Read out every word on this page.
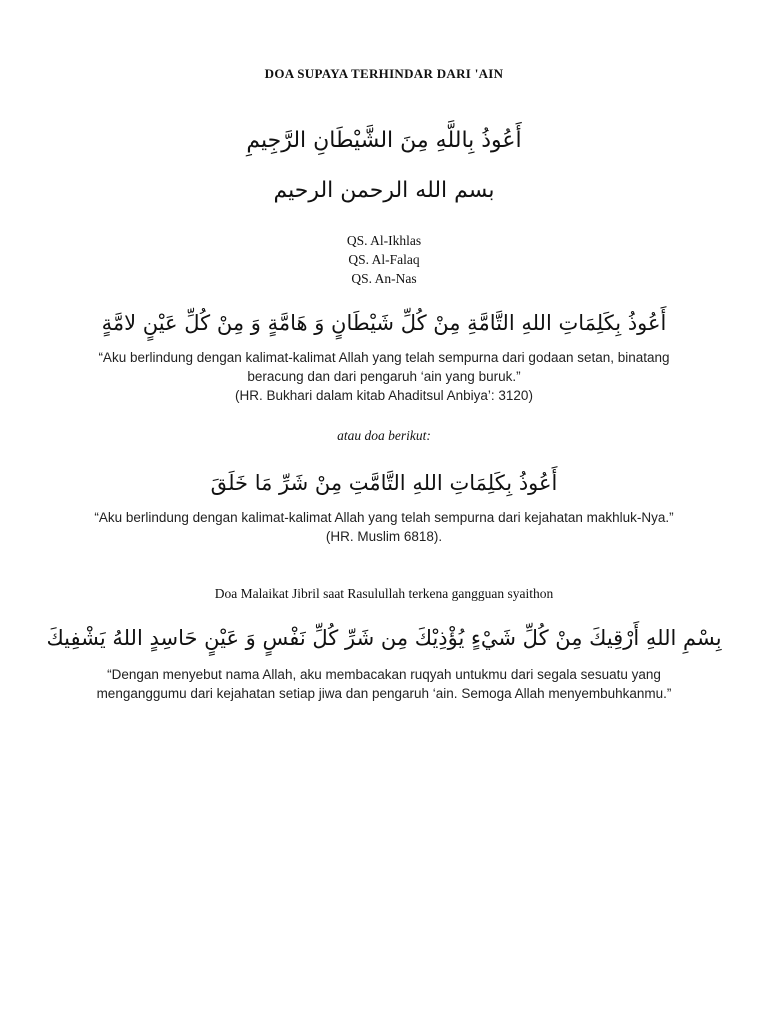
DOA SUPAYA TERHINDAR DARI 'AIN
أَعُوذُ بِاللَّهِ مِنَ الشَّيْطَانِ الرَّجِيمِ
بسم الله الرحمن الرحيم
QS. Al-Ikhlas
QS. Al-Falaq
QS. An-Nas
أَعُوذُ بِكَلِمَاتِ اللهِ التَّامَّةِ مِنْ كُلِّ شَيْطَانٍ وَ هَامَّةٍ وَ مِنْ كُلِّ عَيْنٍ لامَّةٍ
“Aku berlindung dengan kalimat-kalimat Allah yang telah sempurna dari godaan setan, binatang
beracung dan dari pengaruh ‘ain yang buruk.”
(HR. Bukhari dalam kitab Ahaditsul Anbiya’: 3120)
atau doa berikut:
أَعُوذُ بِكَلِمَاتِ اللهِ التَّامَّتِ مِنْ شَرِّ مَا خَلَقَ
“Aku berlindung dengan kalimat-kalimat Allah yang telah sempurna dari kejahatan makhluk-Nya.”
(HR. Muslim 6818).
Doa Malaikat Jibril saat Rasulullah terkena gangguan syaithon
بِسْمِ اللهِ أَرْقِيكَ مِنْ كُلِّ شَيْءٍ يُؤْذِيْكَ مِن شَرِّ كُلِّ نَفْسٍ وَ عَيْنٍ حَاسِدٍ اللهُ يَشْفِيكَ
“Dengan menyebut nama Allah, aku membacakan ruqyah untukmu dari segala sesuatu yang
menganggumu dari kejahatan setiap jiwa dan pengaruh ‘ain. Semoga Allah menyembuhkanmu.”
